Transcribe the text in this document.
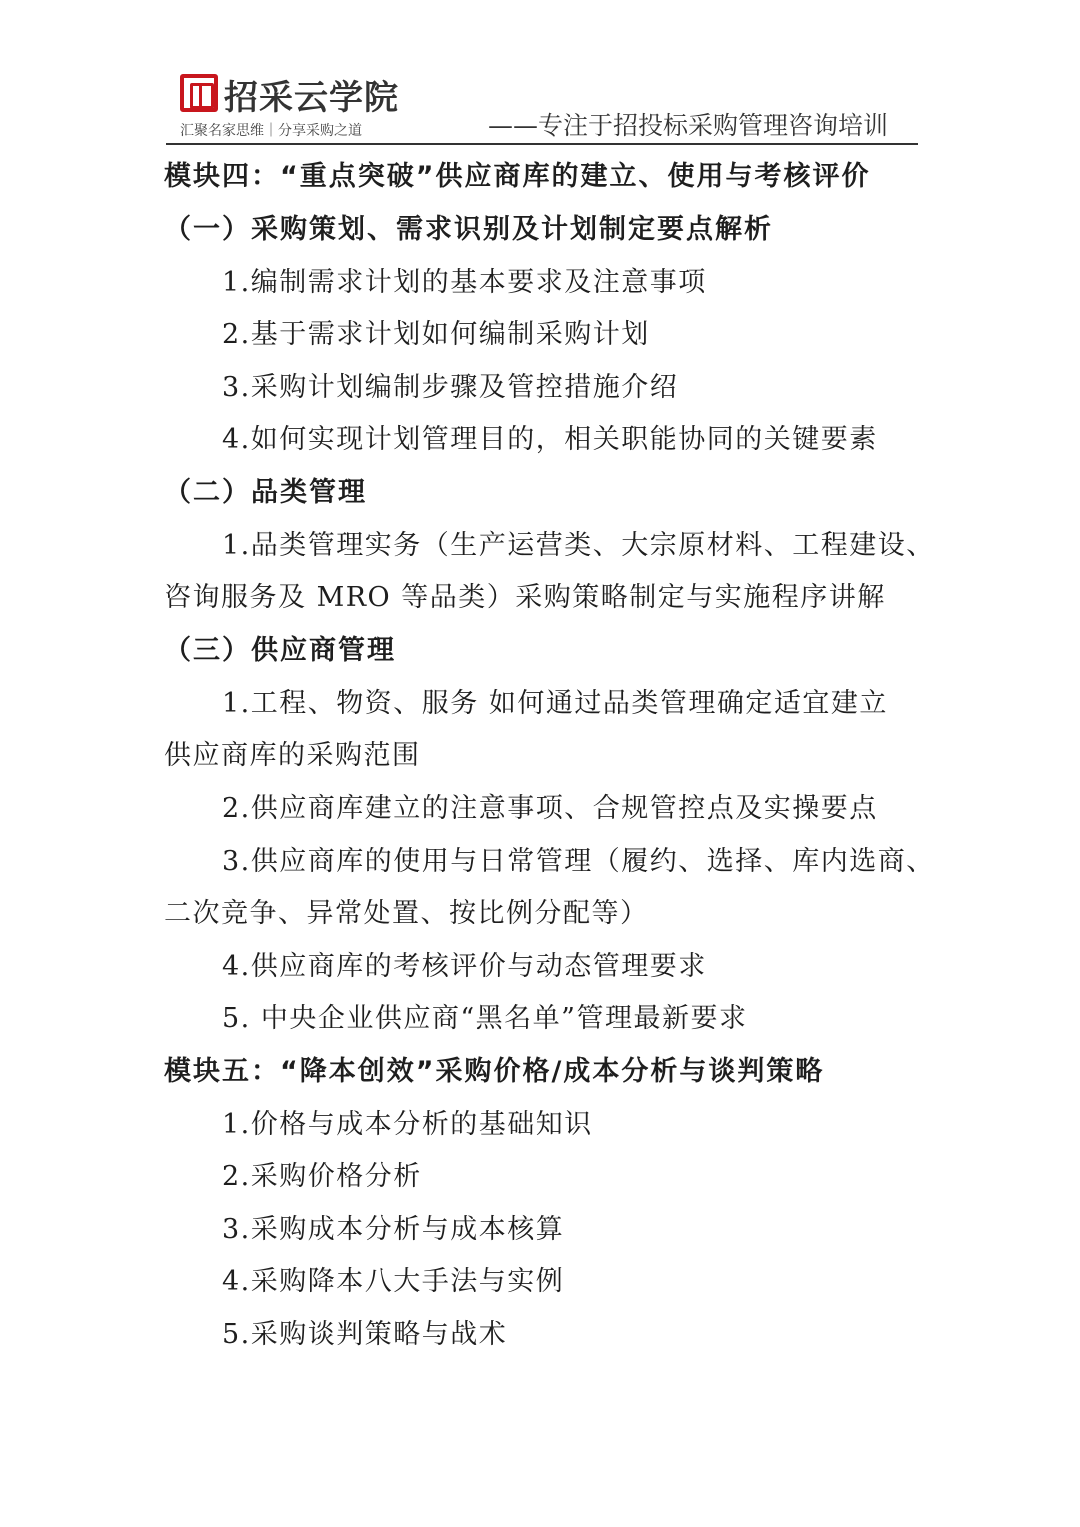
招采云学院
汇聚名家思维｜分享采购之道	——专注于招投标采购管理咨询培训
模块四：“重点突破”供应商库的建立、使用与考核评价
（一）采购策划、需求识别及计划制定要点解析
1.编制需求计划的基本要求及注意事项
2.基于需求计划如何编制采购计划
3.采购计划编制步骤及管控措施介绍
4.如何实现计划管理目的，相关职能协同的关键要素
（二）品类管理
1.品类管理实务（生产运营类、大宗原材料、工程建设、
咨询服务及 MRO 等品类）采购策略制定与实施程序讲解
（三）供应商管理
1.工程、物资、服务 如何通过品类管理确定适宜建立
供应商库的采购范围
2.供应商库建立的注意事项、合规管控点及实操要点
3.供应商库的使用与日常管理（履约、选择、库内选商、
二次竞争、异常处置、按比例分配等）
4.供应商库的考核评价与动态管理要求
5. 中央企业供应商“黑名单”管理最新要求
模块五：“降本创效”采购价格/成本分析与谈判策略
1.价格与成本分析的基础知识
2.采购价格分析
3.采购成本分析与成本核算
4.采购降本八大手法与实例
5.采购谈判策略与战术
